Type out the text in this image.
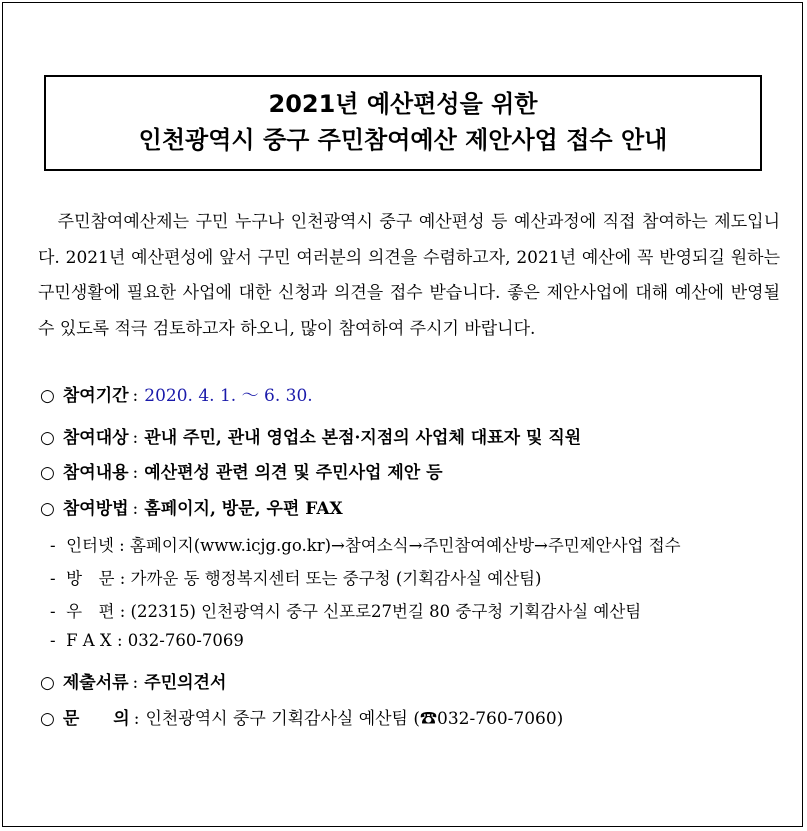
2021년 예산편성을 위한
인천광역시 중구 주민참여예산 제안사업 접수 안내
주민참여예산제는 구민 누구나 인천광역시 중구 예산편성 등 예산과정에 직접 참여하는 제도입니다. 2021년 예산편성에 앞서 구민 여러분의 의견을 수렴하고자, 2021년 예산에 꼭 반영되길 원하는 구민생활에 필요한 사업에 대한 신청과 의견을 접수 받습니다. 좋은 제안사업에 대해 예산에 반영될 수 있도록 적극 검토하고자 하오니, 많이 참여하여 주시기 바랍니다.
○ 참여기간 : 2020. 4. 1. ～ 6. 30.
○ 참여대상 : 관내 주민, 관내 영업소 본점·지점의 사업체 대표자 및 직원
○ 참여내용 : 예산편성 관련 의견 및 주민사업 제안 등
○ 참여방법 : 홈페이지, 방문, 우편 FAX
- 인터넷 : 홈페이지(www.icjg.go.kr)→참여소식→주민참여예산방→주민제안사업 접수
- 방　문 : 가까운 동 행정복지센터 또는 중구청 (기획감사실 예산팀)
- 우　편 : (22315) 인천광역시 중구 신포로27번길 80 중구청 기획감사실 예산팀
- F A X : 032-760-7069
○ 제출서류 : 주민의견서
○ 문　　의 : 인천광역시 중구 기획감사실 예산팀 (☎032-760-7060)
